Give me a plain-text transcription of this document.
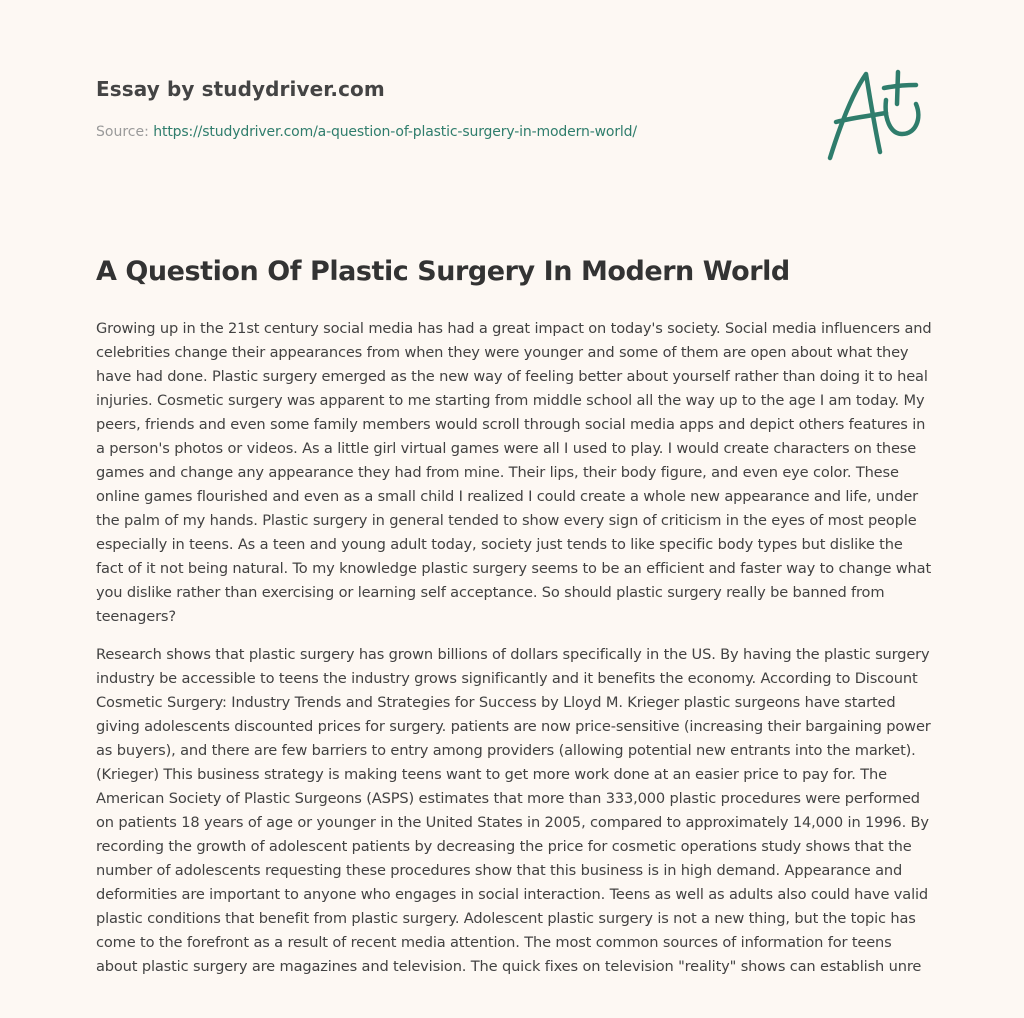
Essay by studydriver.com
Source: https://studydriver.com/a-question-of-plastic-surgery-in-modern-world/
A Question Of Plastic Surgery In Modern World

Growing up in the 21st century social media has had a great impact on today's society. Social media influencers and celebrities change their appearances from when they were younger and some of them are open about what they have had done. Plastic surgery emerged as the new way of feeling better about yourself rather than doing it to heal injuries. Cosmetic surgery was apparent to me starting from middle school all the way up to the age I am today. My peers, friends and even some family members would scroll through social media apps and depict others features in a person's photos or videos. As a little girl virtual games were all I used to play. I would create characters on these games and change any appearance they had from mine. Their lips, their body figure, and even eye color. These online games flourished and even as a small child I realized I could create a whole new appearance and life, under the palm of my hands. Plastic surgery in general tended to show every sign of criticism in the eyes of most people especially in teens. As a teen and young adult today, society just tends to like specific body types but dislike the fact of it not being natural. To my knowledge plastic surgery seems to be an efficient and faster way to change what you dislike rather than exercising or learning self acceptance. So should plastic surgery really be banned from teenagers?

Research shows that plastic surgery has grown billions of dollars specifically in the US. By having the plastic surgery industry be accessible to teens the industry grows significantly and it benefits the economy. According to Discount Cosmetic Surgery: Industry Trends and Strategies for Success by Lloyd M. Krieger plastic surgeons have started giving adolescents discounted prices for surgery. patients are now price-sensitive (increasing their bargaining power as buyers), and there are few barriers to entry among providers (allowing potential new entrants into the market). (Krieger) This business strategy is making teens want to get more work done at an easier price to pay for. The American Society of Plastic Surgeons (ASPS) estimates that more than 333,000 plastic procedures were performed on patients 18 years of age or younger in the United States in 2005, compared to approximately 14,000 in 1996. By recording the growth of adolescent patients by decreasing the price for cosmetic operations study shows that the number of adolescents requesting these procedures show that this business is in high demand. Appearance and deformities are important to anyone who engages in social interaction. Teens as well as adults also could have valid plastic conditions that benefit from plastic surgery. Adolescent plastic surgery is not a new thing, but the topic has come to the forefront as a result of recent media attention. The most common sources of information for teens about plastic surgery are magazines and television. The quick fixes on television "reality" shows can establish unre
